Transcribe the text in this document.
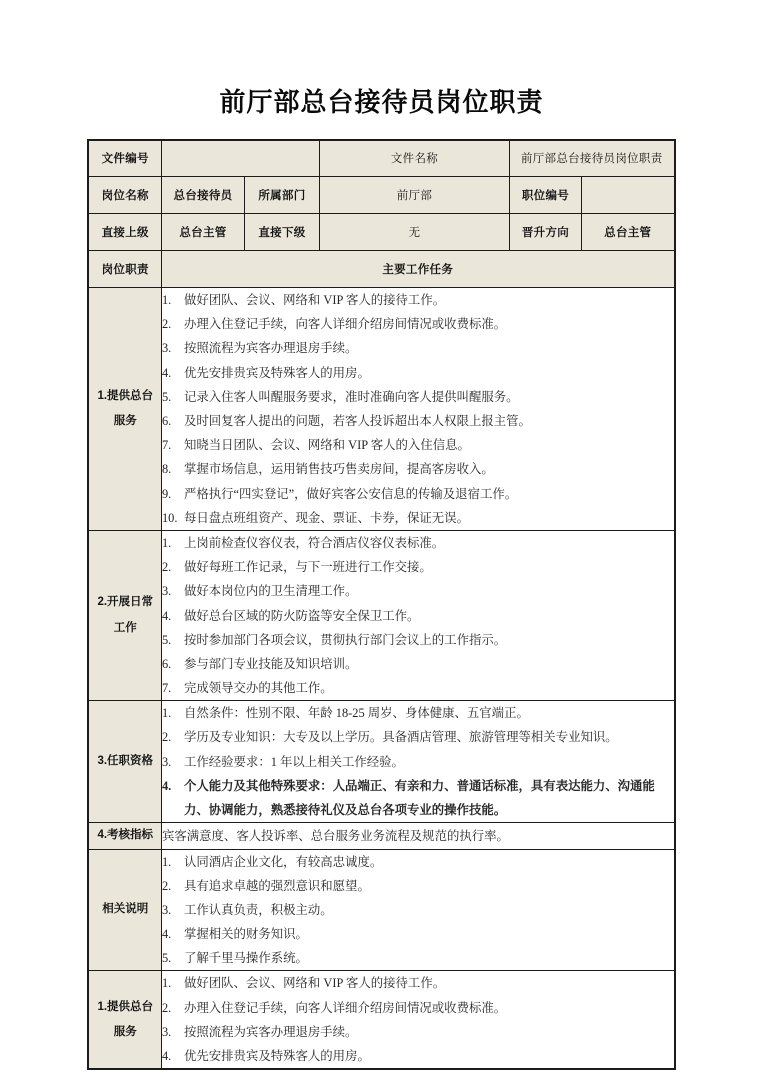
前厅部总台接待员岗位职责
文件编号			文件名称	前厅部总台接待员岗位职责	
岗位名称	总台接待员	所属部门	前厅部	职位编号	
直接上级	总台主管	直接下级	无	晋升方向	总台主管
岗位职责	主要工作任务				

1.提供总台
服务

1.	做好团队、会议、网络和 VIP 客人的接待工作。
2.	办理入住登记手续，向客人详细介绍房间情况或收费标准。
3.	按照流程为宾客办理退房手续。
4.	优先安排贵宾及特殊客人的用房。
5.	记录入住客人叫醒服务要求，准时准确向客人提供叫醒服务。
6.	及时回复客人提出的问题，若客人投诉超出本人权限上报主管。
7.	知晓当日团队、会议、网络和 VIP 客人的入住信息。
8.	掌握市场信息，运用销售技巧售卖房间，提高客房收入。
9.	严格执行“四实登记”，做好宾客公安信息的传输及退宿工作。
10. 每日盘点班组资产、现金、票证、卡券，保证无误。

2.开展日常
工作

1.	上岗前检查仪容仪表，符合酒店仪容仪表标准。
2.	做好每班工作记录，与下一班进行工作交接。
3.	做好本岗位内的卫生清理工作。
4.	做好总台区域的防火防盗等安全保卫工作。
5.	按时参加部门各项会议，贯彻执行部门会议上的工作指示。
6.	参与部门专业技能及知识培训。
7.	完成领导交办的其他工作。

3.任职资格

1.	自然条件：性别不限、年龄 18-25 周岁、身体健康、五官端正。
2.	学历及专业知识：大专及以上学历。具备酒店管理、旅游管理等相关专业知识。
3.	工作经验要求：1 年以上相关工作经验。
4.	个人能力及其他特殊要求：人品端正、有亲和力、普通话标准，具有表达能力、沟通能力、协调能力，熟悉接待礼仪及总台各项专业的操作技能。

4.考核指标	宾客满意度、客人投诉率、总台服务业务流程及规范的执行率。				

相关说明

1.	认同酒店企业文化，有较高忠诚度。
2.	具有追求卓越的强烈意识和愿望。
3.	工作认真负责，积极主动。
4.	掌握相关的财务知识。
5.	了解千里马操作系统。

1.提供总台
服务

1.	做好团队、会议、网络和 VIP 客人的接待工作。
2.	办理入住登记手续，向客人详细介绍房间情况或收费标准。
3.	按照流程为宾客办理退房手续。
4.	优先安排贵宾及特殊客人的用房。
